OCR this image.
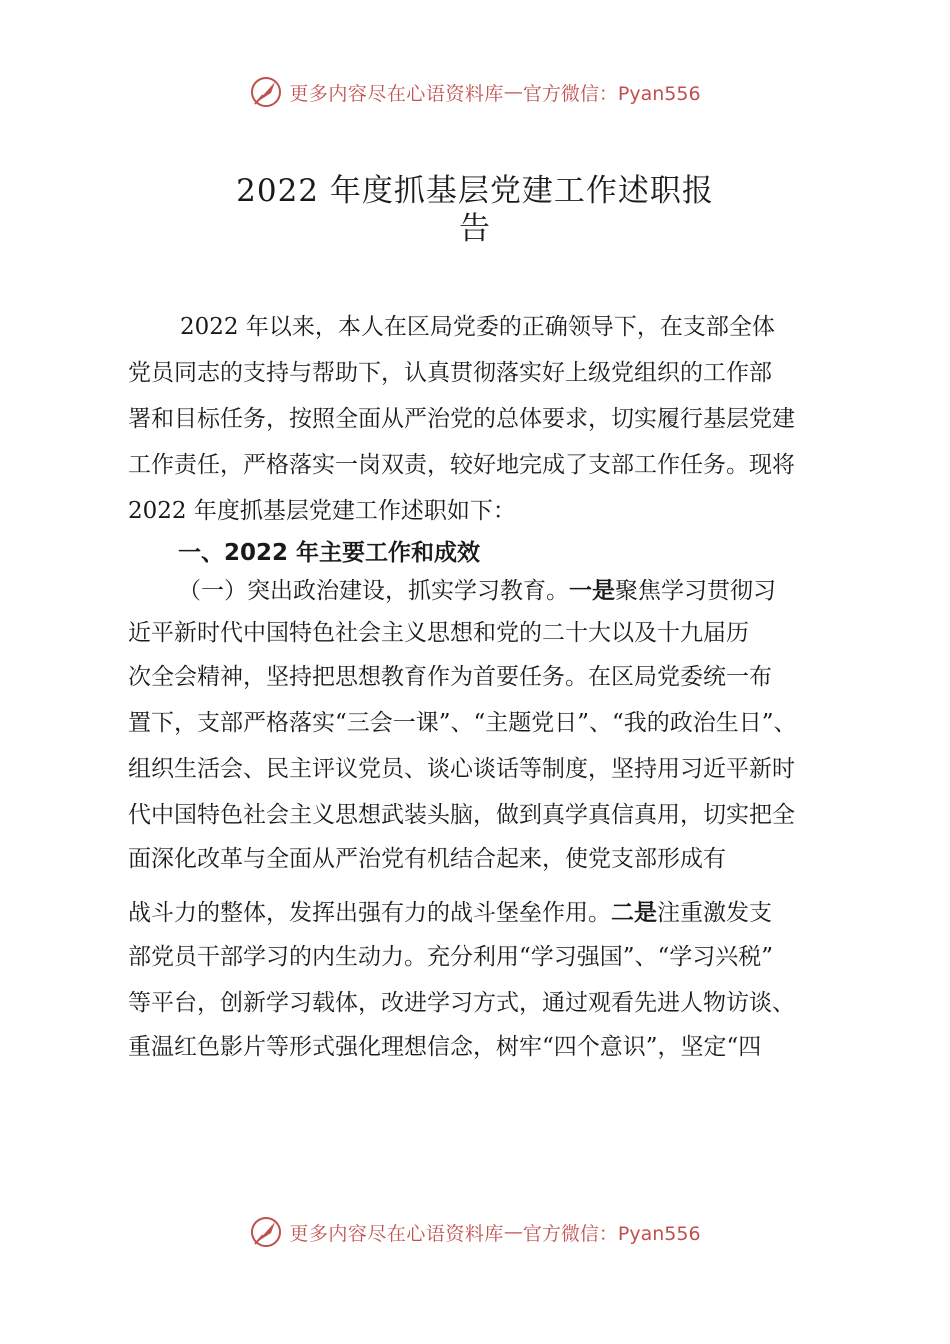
更多内容尽在心语资料库 — 官方微信：Pyan556
2022 年度抓基层党建工作述职报
告
2022 年以来，本人在区局党委的正确领导下，在支部全体
党员同志的支持与帮助下，认真贯彻落实好上级党组织的工作部
署和目标任务，按照全面从严治党的总体要求，切实履行基层党建
工作责任，严格落实一岗双责，较好地完成了支部工作任务。现将
2022 年度抓基层党建工作述职如下：
一、2022 年主要工作和成效
（一）突出政治建设，抓实学习教育。一是聚焦学习贯彻习
近平新时代中国特色社会主义思想和党的二十大以及十九届历
次全会精神，坚持把思想教育作为首要任务。在区局党委统一布
置下，支部严格落实“三会一课”、“主题党日”、“我的政治生日”、
组织生活会、民主评议党员、谈心谈话等制度，坚持用习近平新时
代中国特色社会主义思想武装头脑，做到真学真信真用，切实把全
面深化改革与全面从严治党有机结合起来，使党支部形成有
战斗力的整体，发挥出强有力的战斗堡垒作用。二是注重激发支
部党员干部学习的内生动力。充分利用“学习强国”、“学习兴税”
等平台，创新学习载体，改进学习方式，通过观看先进人物访谈、
重温红色影片等形式强化理想信念，树牢“四个意识”，坚定“四
更多内容尽在心语资料库 — 官方微信：Pyan556
